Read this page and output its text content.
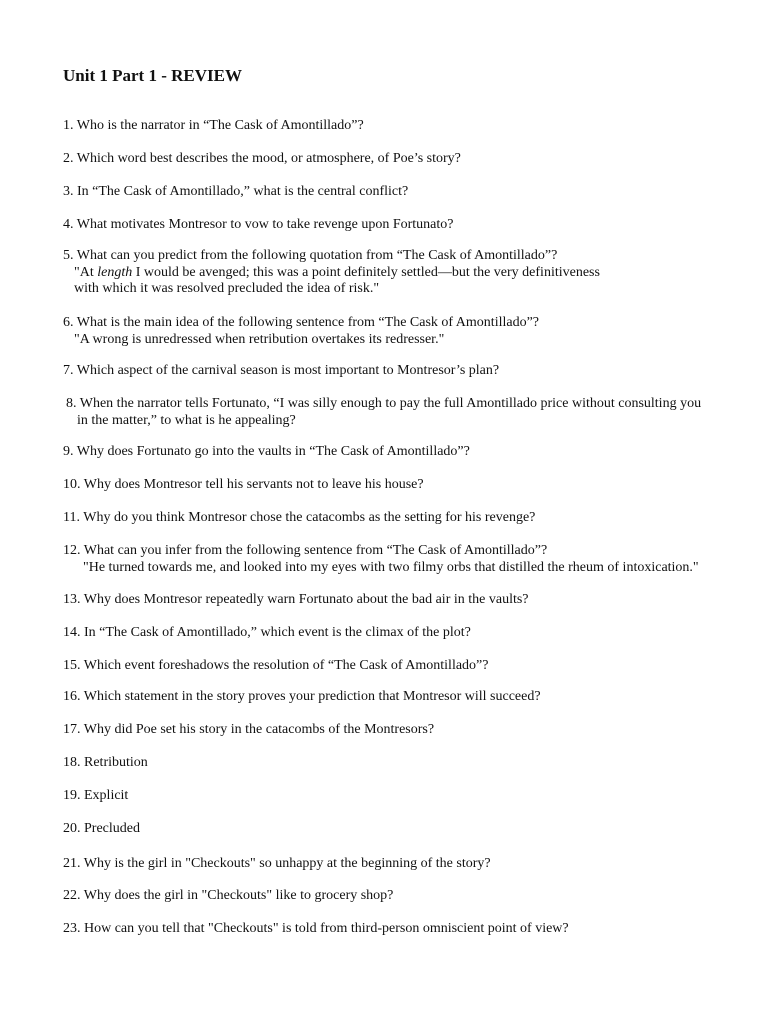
Unit 1 Part 1 - REVIEW
1. Who is the narrator in “The Cask of Amontillado”?
2. Which word best describes the mood, or atmosphere, of Poe’s story?
3. In “The Cask of Amontillado,” what is the central conflict?
4. What motivates Montresor to vow to take revenge upon Fortunato?
5. What can you predict from the following quotation from “The Cask of Amontillado”?
"At length I would be avenged; this was a point definitely settled—but the very definitiveness
with which it was resolved precluded the idea of risk."
6. What is the main idea of the following sentence from “The Cask of Amontillado”?
"A wrong is unredressed when retribution overtakes its redresser."
7. Which aspect of the carnival season is most important to Montresor’s plan?
8. When the narrator tells Fortunato, “I was silly enough to pay the full Amontillado price without consulting you
in the matter,” to what is he appealing?
9. Why does Fortunato go into the vaults in “The Cask of Amontillado”?
10. Why does Montresor tell his servants not to leave his house?
11. Why do you think Montresor chose the catacombs as the setting for his revenge?
12. What can you infer from the following sentence from “The Cask of Amontillado”?
"He turned towards me, and looked into my eyes with two filmy orbs that distilled the rheum of intoxication."
13. Why does Montresor repeatedly warn Fortunato about the bad air in the vaults?
14. In “The Cask of Amontillado,” which event is the climax of the plot?
15. Which event foreshadows the resolution of “The Cask of Amontillado”?
16. Which statement in the story proves your prediction that Montresor will succeed?
17. Why did Poe set his story in the catacombs of the Montresors?
18. Retribution
19. Explicit
20. Precluded
21. Why is the girl in "Checkouts" so unhappy at the beginning of the story?
22. Why does the girl in "Checkouts" like to grocery shop?
23. How can you tell that "Checkouts" is told from third-person omniscient point of view?
